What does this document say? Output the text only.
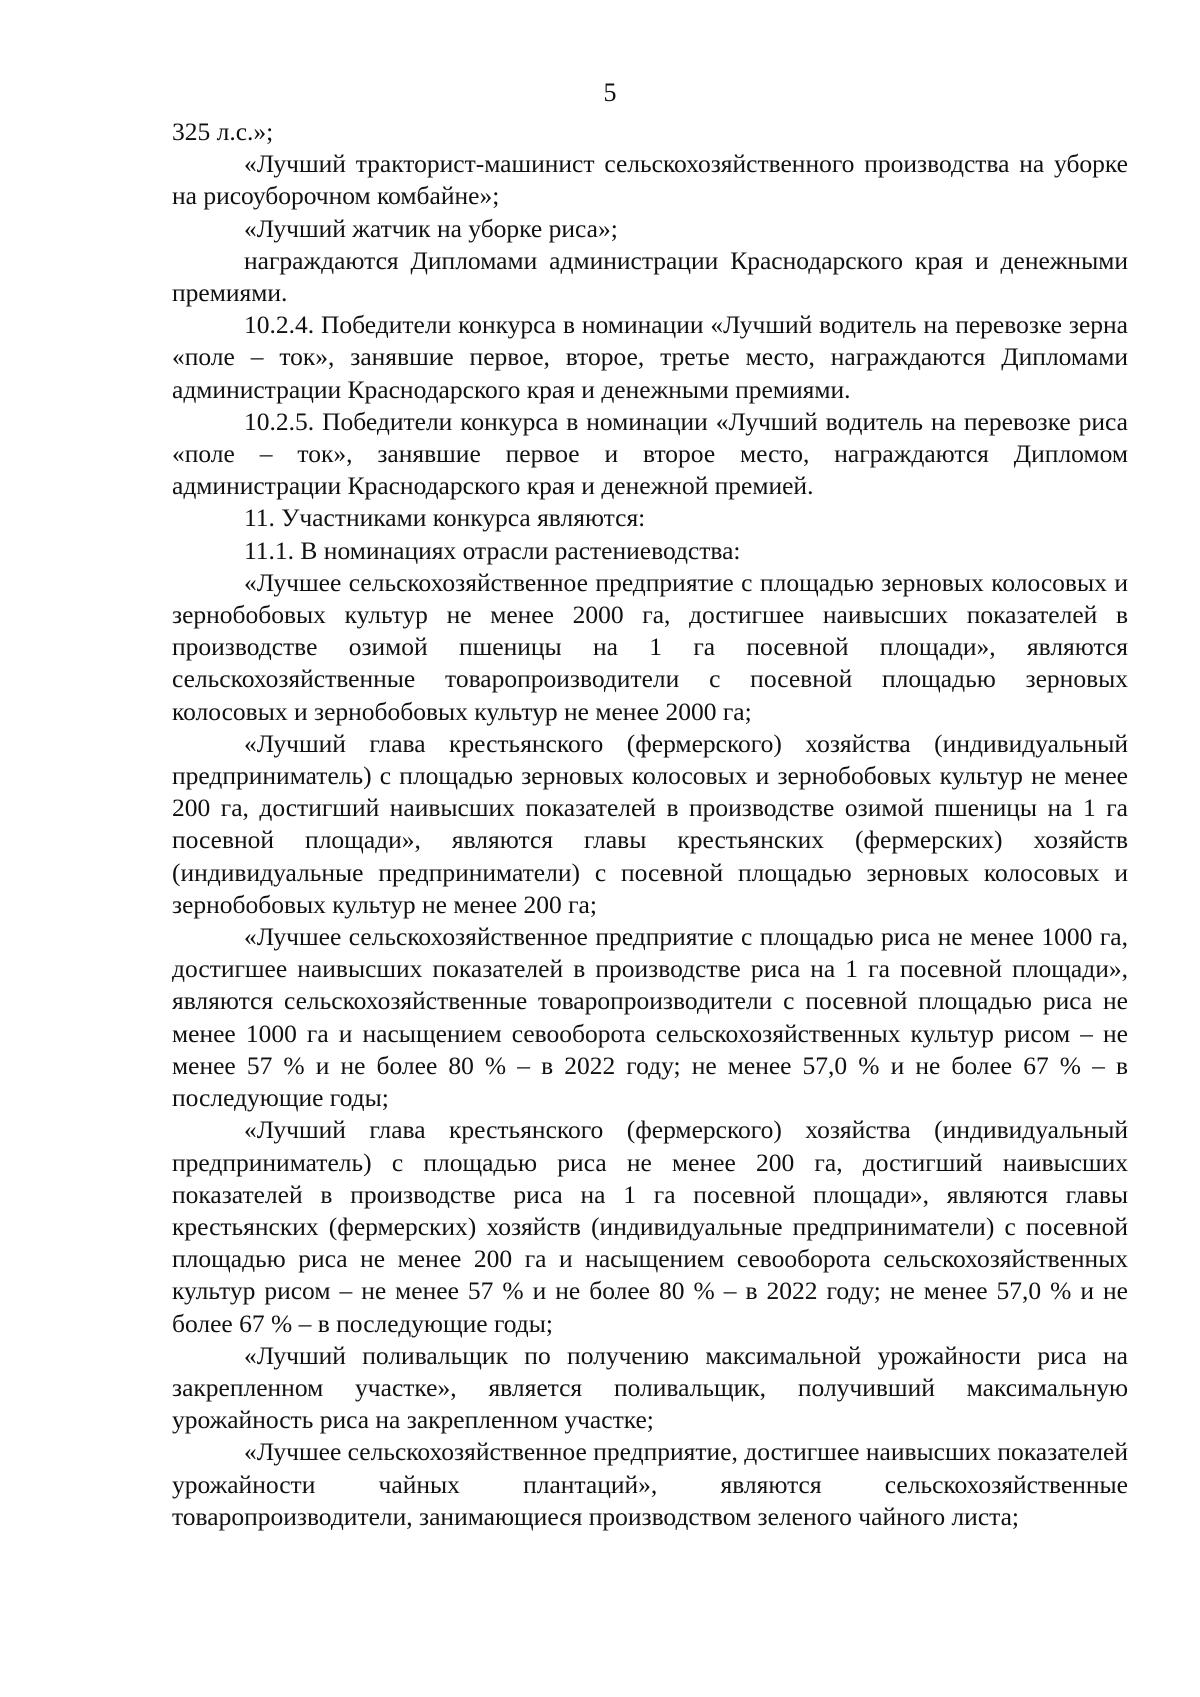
5

325 л.с.»;

«Лучший тракторист-машинист сельскохозяйственного производства на уборке на рисоуборочном комбайне»;

«Лучший жатчик на уборке риса»;

награждаются Дипломами администрации Краснодарского края и денежными премиями.

10.2.4. Победители конкурса в номинации «Лучший водитель на перевозке зерна «поле – ток», занявшие первое, второе, третье место, награждаются Дипломами администрации Краснодарского края и денежными премиями.

10.2.5. Победители конкурса в номинации «Лучший водитель на перевозке риса «поле – ток», занявшие первое и второе место, награждаются Дипломом администрации Краснодарского края и денежной премией.

11. Участниками конкурса являются:

11.1. В номинациях отрасли растениеводства:

«Лучшее сельскохозяйственное предприятие с площадью зерновых колосовых и зернобобовых культур не менее 2000 га, достигшее наивысших показателей в производстве озимой пшеницы на 1 га посевной площади», являются сельскохозяйственные товаропроизводители с посевной площадью зерновых колосовых и зернобобовых культур не менее 2000 га;

«Лучший глава крестьянского (фермерского) хозяйства (индивидуальный предприниматель) с площадью зерновых колосовых и зернобобовых культур не менее 200 га, достигший наивысших показателей в производстве озимой пшеницы на 1 га посевной площади», являются главы крестьянских (фермерских) хозяйств (индивидуальные предприниматели) с посевной площадью зерновых колосовых и зернобобовых культур не менее 200 га;

«Лучшее сельскохозяйственное предприятие с площадью риса не менее 1000 га, достигшее наивысших показателей в производстве риса на 1 га посевной площади», являются сельскохозяйственные товаропроизводители с посевной площадью риса не менее 1000 га и насыщением севооборота сельскохозяйственных культур рисом – не менее 57 % и не более 80 % – в 2022 году; не менее 57,0 % и не более 67 % – в последующие годы;

«Лучший глава крестьянского (фермерского) хозяйства (индивидуальный предприниматель) с площадью риса не менее 200 га, достигший наивысших показателей в производстве риса на 1 га посевной площади», являются главы крестьянских (фермерских) хозяйств (индивидуальные предприниматели) с посевной площадью риса не менее 200 га и насыщением севооборота сельскохозяйственных культур рисом – не менее 57 % и не более 80 % – в 2022 году; не менее 57,0 % и не более 67 % – в последующие годы;

«Лучший поливальщик по получению максимальной урожайности риса на закрепленном участке», является поливальщик, получивший максимальную урожайность риса на закрепленном участке;

«Лучшее сельскохозяйственное предприятие, достигшее наивысших показателей урожайности чайных плантаций», являются сельскохозяйственные товаропроизводители, занимающиеся производством зеленого чайного листа;
